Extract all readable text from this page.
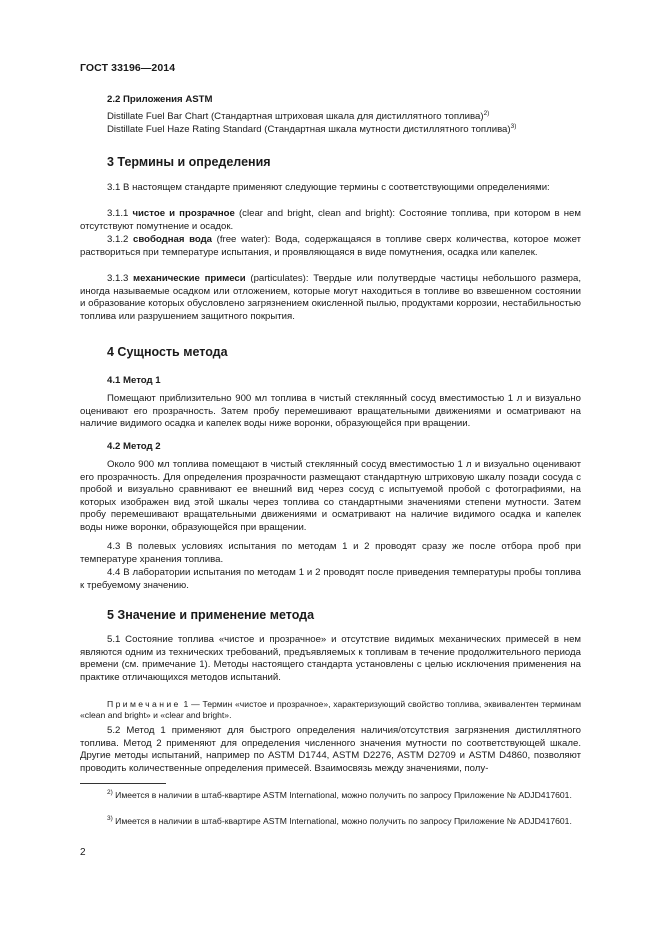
ГОСТ 33196—2014
2.2 Приложения ASTM
Distillate Fuel Bar Chart (Стандартная штриховая шкала для дистиллятного топлива)$^{2)}$
Distillate Fuel Haze Rating Standard (Стандартная шкала мутности дистиллятного топлива)$^{3)}$
3 Термины и определения

3.1 В настоящем стандарте применяют следующие термины с соответствующими определениями:

3.1.1 чистое и прозрачное (clear and bright, clean and bright): Состояние топлива, при котором в нем отсутствуют помутнение и осадок.

3.1.2 свободная вода (free water): Вода, содержащаяся в топливе сверх количества, которое может раствориться при температуре испытания, и проявляющаяся в виде помутнения, осадка или капелек.

3.1.3 механические примеси (particulates): Твердые или полутвердые частицы небольшого размера, иногда называемые осадком или отложением, которые могут находиться в топливе во взвешенном состоянии и образование которых обусловлено загрязнением окисленной пылью, продуктами коррозии, нестабильностью топлива или разрушением защитного покрытия.

4 Сущность метода
4.1 Метод 1

Помещают приблизительно 900 мл топлива в чистый стеклянный сосуд вместимостью 1 л и визуально оценивают его прозрачность. Затем пробу перемешивают вращательными движениями и осматривают на наличие видимого осадка и капелек воды ниже воронки, образующейся при вращении.

4.2 Метод 2

Около 900 мл топлива помещают в чистый стеклянный сосуд вместимостью 1 л и визуально оценивают его прозрачность. Для определения прозрачности размещают стандартную штриховую шкалу позади сосуда с пробой и визуально сравнивают ее внешний вид через сосуд с испытуемой пробой с фотографиями, на которых изображен вид этой шкалы через топлива со стандартными значениями степени мутности. Затем пробу перемешивают вращательными движениями и осматривают на наличие видимого осадка и капелек воды ниже воронки, образующейся при вращении.

4.3 В полевых условиях испытания по методам 1 и 2 проводят сразу же после отбора проб при температуре хранения топлива.

4.4 В лаборатории испытания по методам 1 и 2 проводят после приведения температуры пробы топлива к требуемому значению.

5 Значение и применение метода

5.1 Состояние топлива «чистое и прозрачное» и отсутствие видимых механических примесей в нем являются одним из технических требований, предъявляемых к топливам в течение продолжительного периода времени (см. примечание 1). Методы настоящего стандарта установлены с целью исключения применения на практике отличающихся методов испытаний.

Примечание 1 — Термин «чистое и прозрачное», характеризующий свойство топлива, эквивалентен терминам «clean and bright» и «clear and bright».

5.2 Метод 1 применяют для быстрого определения наличия/отсутствия загрязнения дистиллятного топлива. Метод 2 применяют для определения численного значения мутности по соответствующей шкале. Другие методы испытаний, например по ASTM D1744, ASTM D2276, ASTM D2709 и ASTM D4860, позволяют проводить количественные определения примесей. Взаимосвязь между значениями, полу-

$^{2)}$ Имеется в наличии в штаб-квартире ASTM International, можно получить по запросу Приложение № ADJD417601.

$^{3)}$ Имеется в наличии в штаб-квартире ASTM International, можно получить по запросу Приложение № ADJD417601.

2
